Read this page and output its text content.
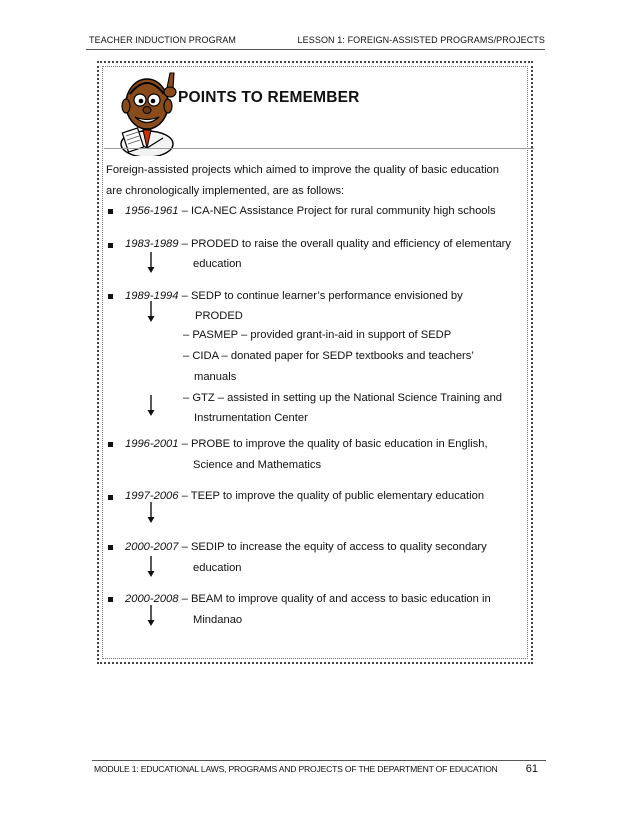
TEACHER INDUCTION PROGRAM	LESSON 1: FOREIGN-ASSISTED PROGRAMS/PROJECTS
POINTS TO REMEMBER
Foreign-assisted projects which aimed to improve the quality of basic education
are chronologically implemented, are as follows:
1956-1961 – ICA-NEC Assistance Project for rural community high schools
1983-1989 – PRODED to raise the overall quality and efficiency of elementary
education
1989-1994 – SEDP to continue learner’s performance envisioned by
PRODED
– PASMEP – provided grant-in-aid in support of SEDP
– CIDA – donated paper for SEDP textbooks and teachers’
manuals
– GTZ – assisted in setting up the National Science Training and
Instrumentation Center
1996-2001 – PROBE to improve the quality of basic education in English,
Science and Mathematics
1997-2006 – TEEP to improve the quality of public elementary education
2000-2007 – SEDIP to increase the equity of access to quality secondary
education
2000-2008 – BEAM to improve quality of and access to basic education in
Mindanao
MODULE 1: EDUCATIONAL LAWS, PROGRAMS AND PROJECTS OF THE DEPARTMENT OF EDUCATION	61
